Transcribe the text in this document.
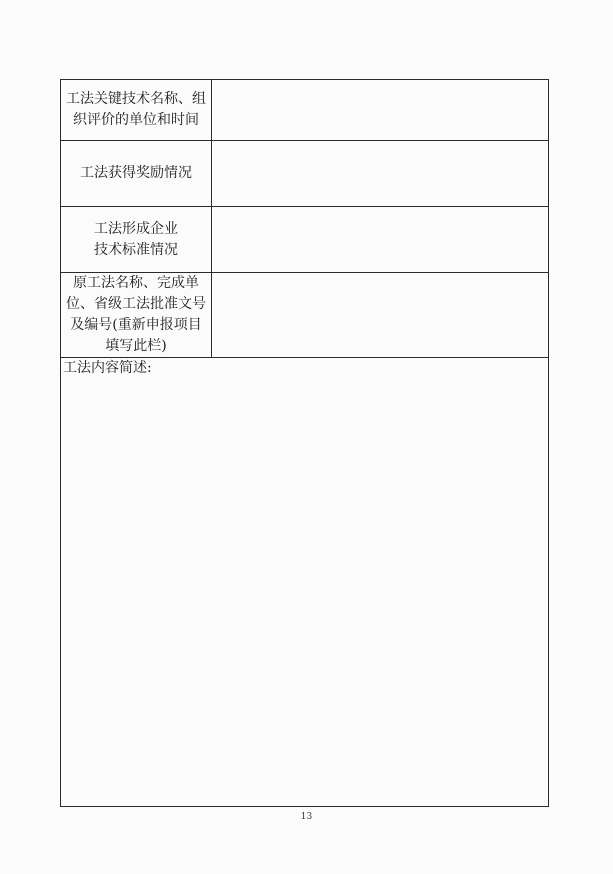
工法关键技术名称、组
织评价的单位和时间	

工法获得奖励情况	

工法形成企业
技术标准情况	

原工法名称、完成单
位、省级工法批准文号
及编号(重新申报项目
填写此栏)	

工法内容简述:	
13
